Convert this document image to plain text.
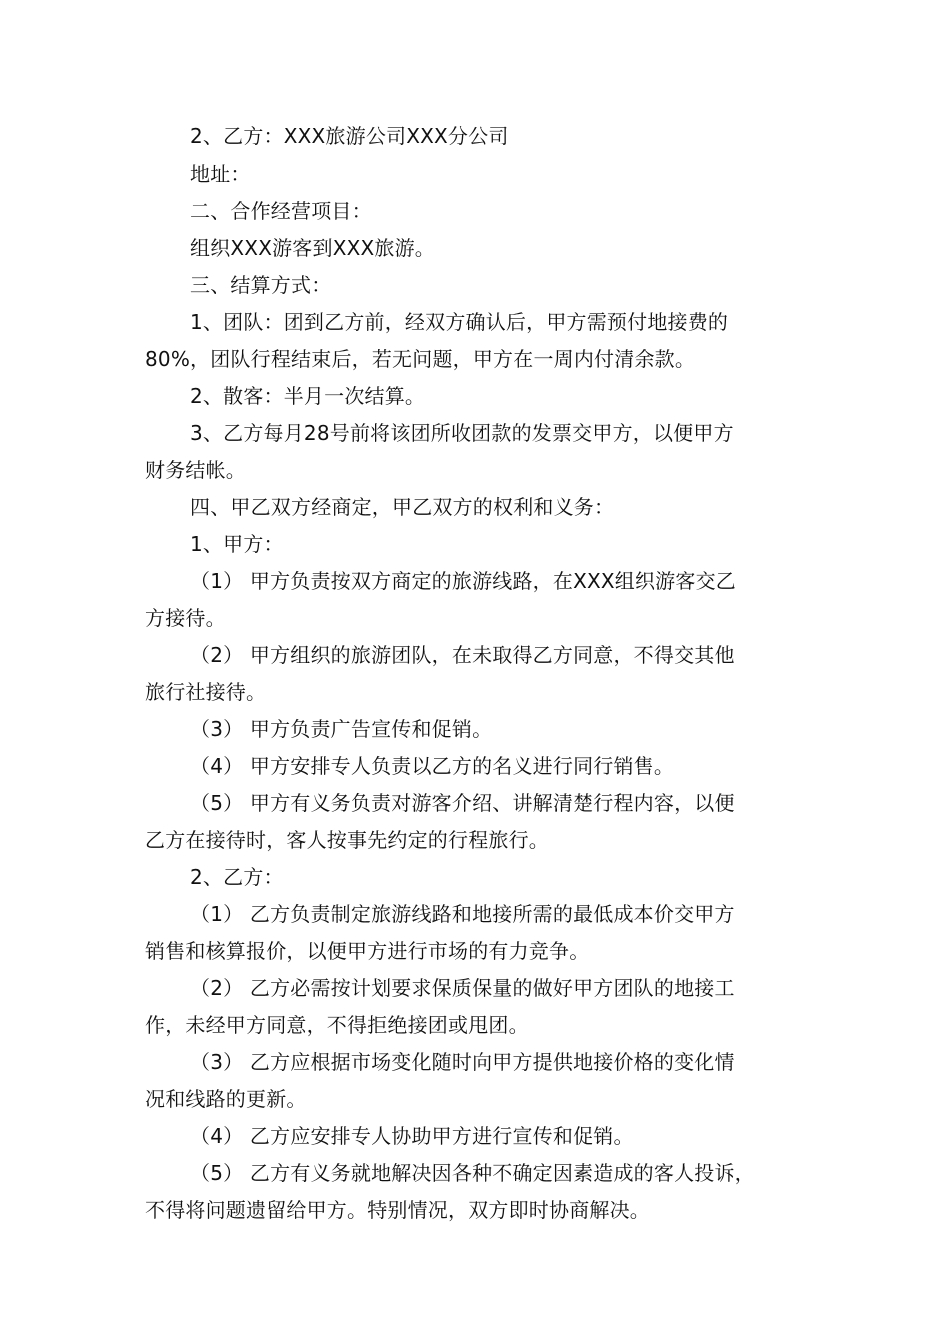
2、乙方：XXX旅游公司XXX分公司
地址：
二、合作经营项目：
组织XXX游客到XXX旅游。
三、结算方式：
1、团队：团到乙方前，经双方确认后，甲方需预付地接费的
80%，团队行程结束后，若无问题，甲方在一周内付清余款。
2、散客：半月一次结算。
3、乙方每月28号前将该团所收团款的发票交甲方，以便甲方
财务结帐。
四、甲乙双方经商定，甲乙双方的权利和义务：
1、甲方：
（1） 甲方负责按双方商定的旅游线路，在XXX组织游客交乙
方接待。
（2） 甲方组织的旅游团队，在未取得乙方同意，不得交其他
旅行社接待。
（3） 甲方负责广告宣传和促销。
（4） 甲方安排专人负责以乙方的名义进行同行销售。
（5） 甲方有义务负责对游客介绍、讲解清楚行程内容，以便
乙方在接待时，客人按事先约定的行程旅行。
2、乙方：
（1） 乙方负责制定旅游线路和地接所需的最低成本价交甲方
销售和核算报价，以便甲方进行市场的有力竞争。
（2） 乙方必需按计划要求保质保量的做好甲方团队的地接工
作，未经甲方同意，不得拒绝接团或甩团。
（3） 乙方应根据市场变化随时向甲方提供地接价格的变化情
况和线路的更新。
（4） 乙方应安排专人协助甲方进行宣传和促销。
（5） 乙方有义务就地解决因各种不确定因素造成的客人投诉，
不得将问题遗留给甲方。特别情况，双方即时协商解决。
